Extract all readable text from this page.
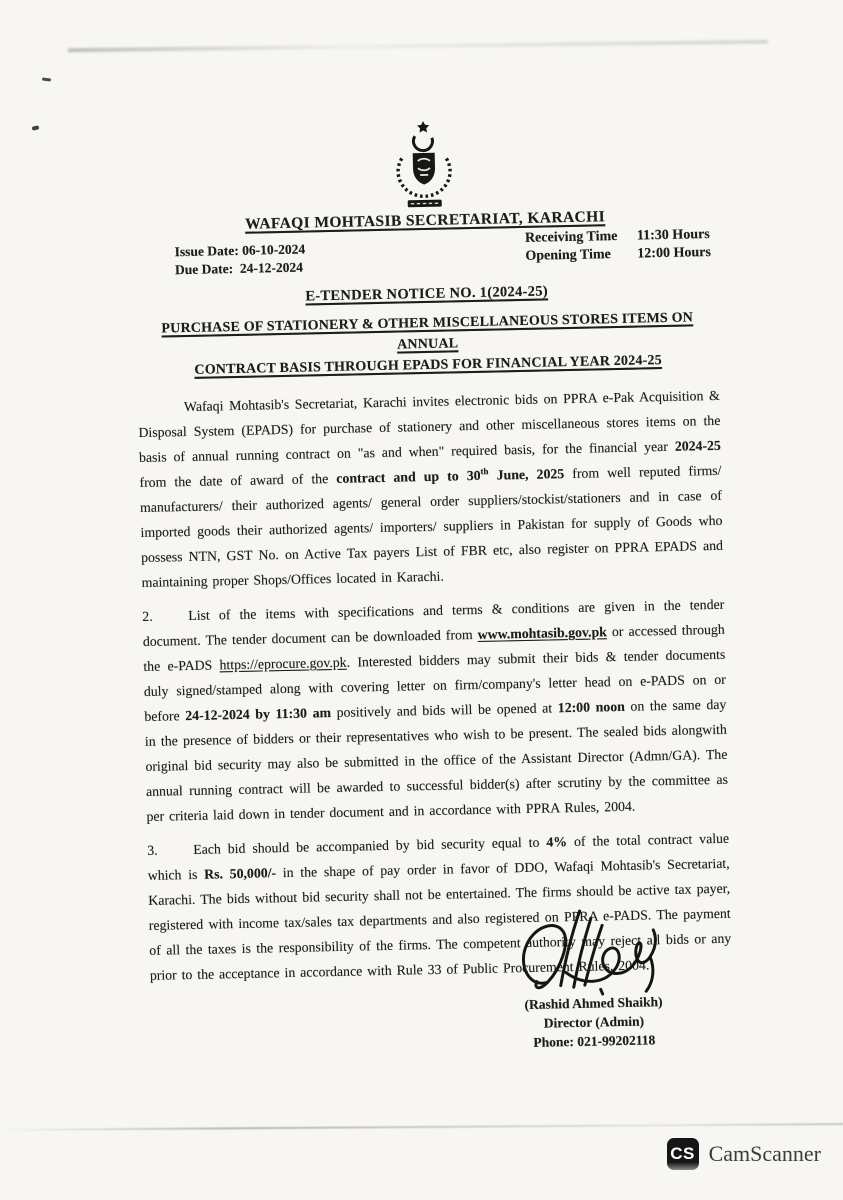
WAFAQI MOHTASIB SECRETARIAT, KARACHI
Issue Date: 06-10-2024
Due Date: 24-12-2024
Receiving Time	11:30 Hours
Opening Time	12:00 Hours
E-TENDER NOTICE NO. 1(2024-25)
PURCHASE OF STATIONERY & OTHER MISCELLANEOUS STORES ITEMS ON ANNUAL
CONTRACT BASIS THROUGH EPADS FOR FINANCIAL YEAR 2024-25

Wafaqi Mohtasib's Secretariat, Karachi invites electronic bids on PPRA e-Pak Acquisition & Disposal System (EPADS) for purchase of stationery and other miscellaneous stores items on the basis of annual running contract on "as and when" required basis, for the financial year 2024-25 from the date of award of the contract and up to 30th June, 2025 from well reputed firms/ manufacturers/ their authorized agents/ general order suppliers/stockist/stationers and in case of imported goods their authorized agents/ importers/ suppliers in Pakistan for supply of Goods who possess NTN, GST No. on Active Tax payers List of FBR etc, also register on PPRA EPADS and maintaining proper Shops/Offices located in Karachi.

2.	List of the items with specifications and terms & conditions are given in the tender document. The tender document can be downloaded from www.mohtasib.gov.pk or accessed through the e-PADS https://eprocure.gov.pk. Interested bidders may submit their bids & tender documents duly signed/stamped along with covering letter on firm/company's letter head on e-PADS on or before 24-12-2024 by 11:30 am positively and bids will be opened at 12:00 noon on the same day in the presence of bidders or their representatives who wish to be present. The sealed bids alongwith original bid security may also be submitted in the office of the Assistant Director (Admn/GA). The annual running contract will be awarded to successful bidder(s) after scrutiny by the committee as per criteria laid down in tender document and in accordance with PPRA Rules, 2004.

3.	Each bid should be accompanied by bid security equal to 4% of the total contract value which is Rs. 50,000/- in the shape of pay order in favor of DDO, Wafaqi Mohtasib's Secretariat, Karachi. The bids without bid security shall not be entertained. The firms should be active tax payer, registered with income tax/sales tax departments and also registered on PPRA e-PADS. The payment of all the taxes is the responsibility of the firms. The competent authority may reject all bids or any prior to the acceptance in accordance with Rule 33 of Public Procurement Rules, 2004.

(Rashid Ahmed Shaikh)
Director (Admin)
Phone: 021-99202118
CS CamScanner
